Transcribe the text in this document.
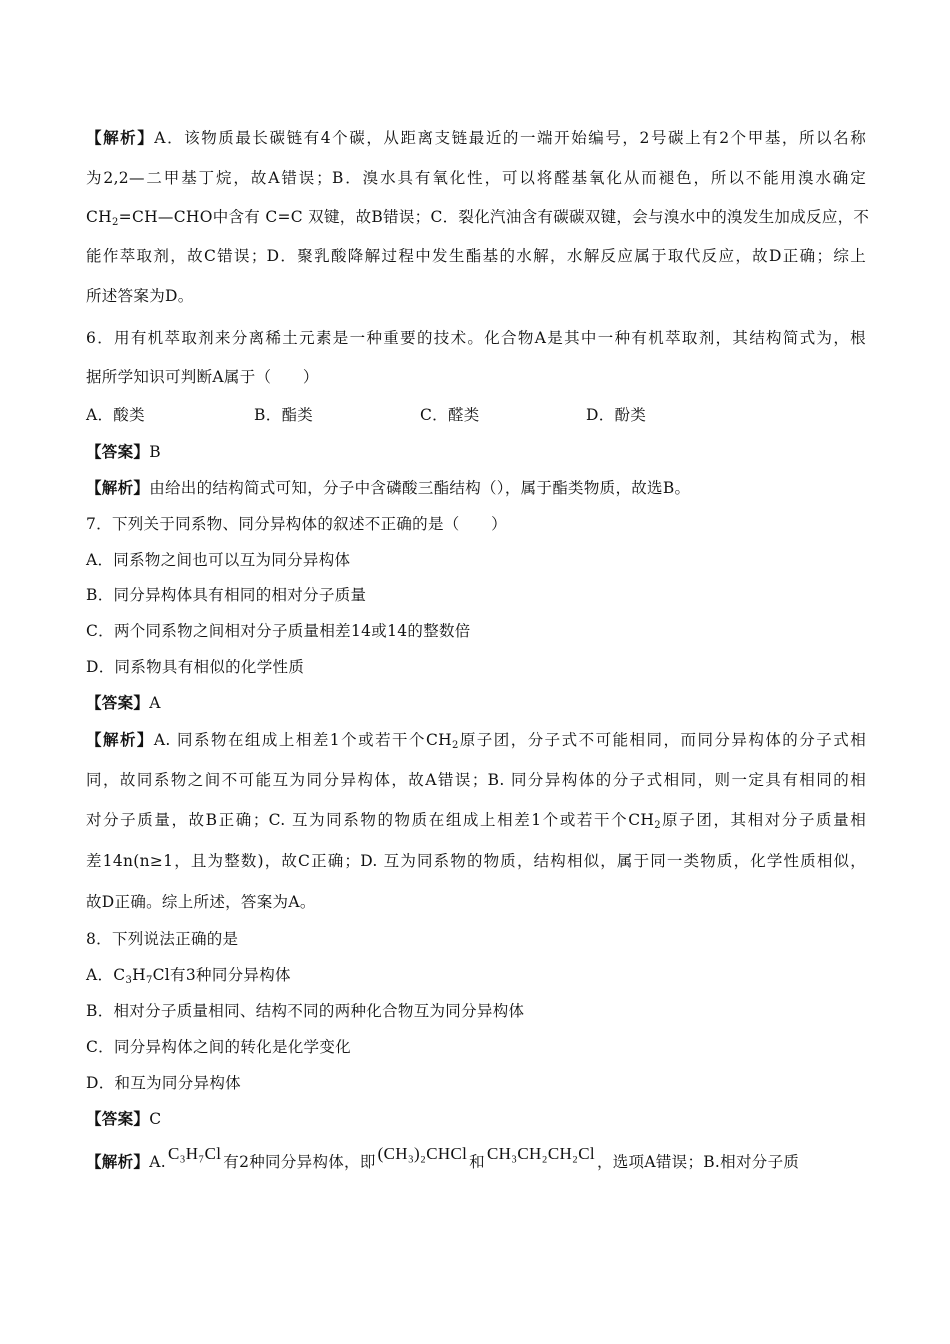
【解析】A．该物质最长碳链有4个碳，从距离支链最近的一端开始编号，2号碳上有2个甲基，所以名称
为2,2—二甲基丁烷，故A错误；B．溴水具有氧化性，可以将醛基氧化从而褪色，所以不能用溴水确定
$CH_2=CH—CHO$中含有 C=C 双键，故B错误；C．裂化汽油含有碳碳双键，会与溴水中的溴发生加成反应，不
能作萃取剂，故C错误；D．聚乳酸降解过程中发生酯基的水解，水解反应属于取代反应，故D正确；综上
所述答案为D。
6．用有机萃取剂来分离稀土元素是一种重要的技术。化合物A是其中一种有机萃取剂，其结构简式为，根
据所学知识可判断A属于（　　）
A．酸类	B．酯类	C．醛类	D．酚类
【答案】B
【解析】由给出的结构简式可知，分子中含磷酸三酯结构（），属于酯类物质，故选B。
7．下列关于同系物、同分异构体的叙述不正确的是（　　）
A．同系物之间也可以互为同分异构体
B．同分异构体具有相同的相对分子质量
C．两个同系物之间相对分子质量相差14或14的整数倍
D．同系物具有相似的化学性质
【答案】A
【解析】A. 同系物在组成上相差1个或若干个$CH_2$原子团，分子式不可能相同，而同分异构体的分子式相
同，故同系物之间不可能互为同分异构体，故A错误；B. 同分异构体的分子式相同，则一定具有相同的相
对分子质量，故B正确；C. 互为同系物的物质在组成上相差1个或若干个$CH_2$原子团，其相对分子质量相
差14n(n≥1，且为整数)，故C正确；D. 互为同系物的物质，结构相似，属于同一类物质，化学性质相似，
故D正确。综上所述，答案为A。
8．下列说法正确的是
A．$C_3H_7Cl$有3种同分异构体
B．相对分子质量相同、结构不同的两种化合物互为同分异构体
C．同分异构体之间的转化是化学变化
D．和互为同分异构体
【答案】C
【解析】A. C₃H₇Cl 有2种同分异构体，即 (CH₃)₂CHCl 和 CH₃CH₂CH₂Cl ，选项A错误；B.相对分子质
